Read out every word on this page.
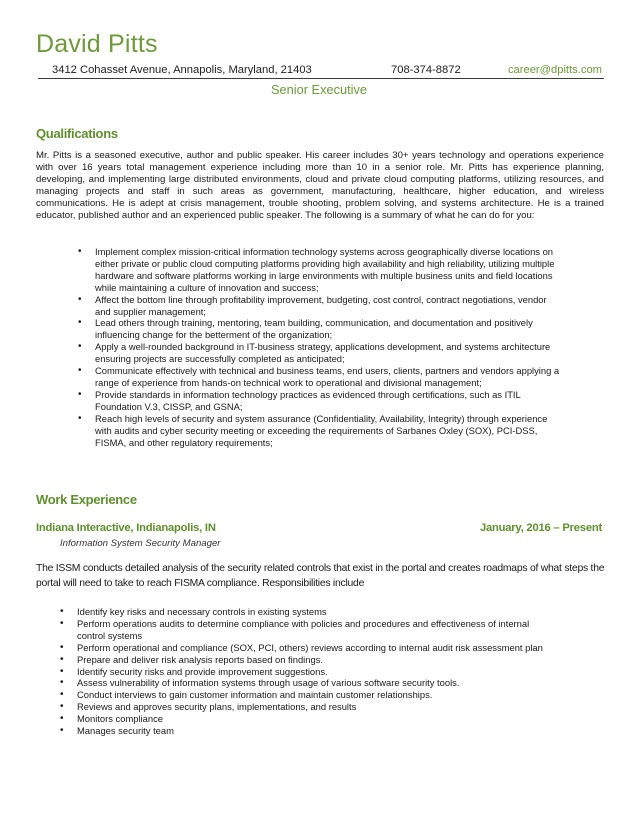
David Pitts
3412 Cohasset Avenue, Annapolis, Maryland, 21403	708-374-8872	career@dpitts.com
Senior Executive
Qualifications
Mr. Pitts is a seasoned executive, author and public speaker. His career includes 30+ years technology and operations experience with over 16 years total management experience including more than 10 in a senior role. Mr. Pitts has experience planning, developing, and implementing large distributed environments, cloud and private cloud computing platforms, utilizing resources, and managing projects and staff in such areas as government, manufacturing, healthcare, higher education, and wireless communications. He is adept at crisis management, trouble shooting, problem solving, and systems architecture. He is a trained educator, published author and an experienced public speaker. The following is a summary of what he can do for you:
• Implement complex mission-critical information technology systems across geographically diverse locations on either private or public cloud computing platforms providing high availability and high reliability, utilizing multiple hardware and software platforms working in large environments with multiple business units and field locations while maintaining a culture of innovation and success;
• Affect the bottom line through profitability improvement, budgeting, cost control, contract negotiations, vendor and supplier management;
• Lead others through training, mentoring, team building, communication, and documentation and positively influencing change for the betterment of the organization;
• Apply a well-rounded background in IT-business strategy, applications development, and systems architecture ensuring projects are successfully completed as anticipated;
• Communicate effectively with technical and business teams, end users, clients, partners and vendors applying a range of experience from hands-on technical work to operational and divisional management;
• Provide standards in information technology practices as evidenced through certifications, such as ITIL Foundation V.3, CISSP, and GSNA;
• Reach high levels of security and system assurance (Confidentiality, Availability, Integrity) through experience with audits and cyber security meeting or exceeding the requirements of Sarbanes Oxley (SOX), PCI-DSS, FISMA, and other regulatory requirements;
Work Experience
Indiana Interactive, Indianapolis, IN	January, 2016 – Present
Information System Security Manager
The ISSM conducts detailed analysis of the security related controls that exist in the portal and creates roadmaps of what steps the portal will need to take to reach FISMA compliance. Responsibilities include
• Identify key risks and necessary controls in existing systems
• Perform operations audits to determine compliance with policies and procedures and effectiveness of internal control systems
• Perform operational and compliance (SOX, PCI, others) reviews according to internal audit risk assessment plan
• Prepare and deliver risk analysis reports based on findings.
• Identify security risks and provide improvement suggestions.
• Assess vulnerability of information systems through usage of various software security tools.
• Conduct interviews to gain customer information and maintain customer relationships.
• Reviews and approves security plans, implementations, and results
• Monitors compliance
• Manages security team
